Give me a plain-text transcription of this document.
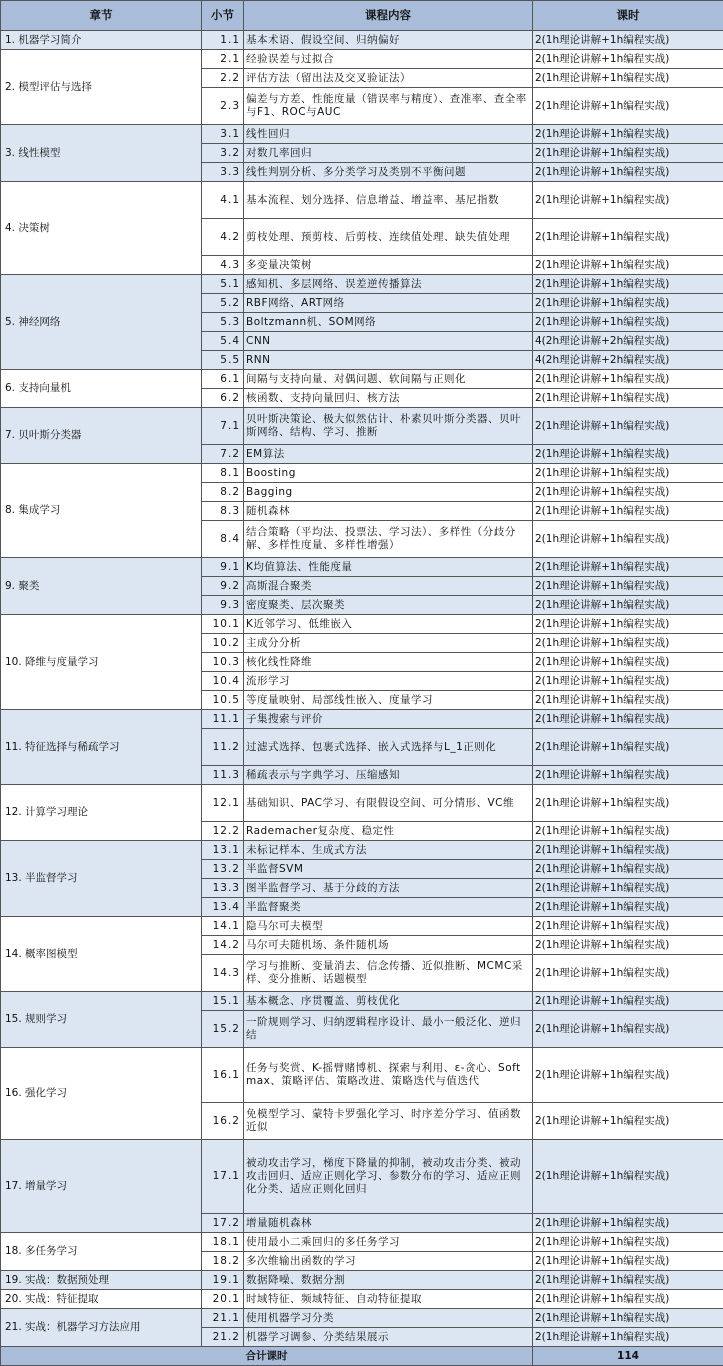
章节	小节	课程内容	课时
1. 机器学习简介	1.1	基本术语、假设空间、归纳偏好	2(1h理论讲解+1h编程实战)
2. 模型评估与选择	2.1	经验误差与过拟合	2(1h理论讲解+1h编程实战)
	2.2	评估方法（留出法及交叉验证法）	2(1h理论讲解+1h编程实战)
	2.3	偏差与方差、性能度量（错误率与精度）、查准率、查全率与F1、ROC与AUC	2(1h理论讲解+1h编程实战)
3. 线性模型	3.1	线性回归	2(1h理论讲解+1h编程实战)
	3.2	对数几率回归	2(1h理论讲解+1h编程实战)
	3.3	线性判别分析、多分类学习及类别不平衡问题	2(1h理论讲解+1h编程实战)
4. 决策树	4.1	基本流程、划分选择、信息增益、增益率、基尼指数	2(1h理论讲解+1h编程实战)
	4.2	剪枝处理、预剪枝、后剪枝、连续值处理、缺失值处理	2(1h理论讲解+1h编程实战)
	4.3	多变量决策树	2(1h理论讲解+1h编程实战)
5. 神经网络	5.1	感知机、多层网络、误差逆传播算法	2(1h理论讲解+1h编程实战)
	5.2	RBF网络、ART网络	2(1h理论讲解+1h编程实战)
	5.3	Boltzmann机、SOM网络	2(1h理论讲解+1h编程实战)
	5.4	CNN	4(2h理论讲解+2h编程实战)
	5.5	RNN	4(2h理论讲解+2h编程实战)
6. 支持向量机	6.1	间隔与支持向量、对偶问题、软间隔与正则化	2(1h理论讲解+1h编程实战)
	6.2	核函数、支持向量回归、核方法	2(1h理论讲解+1h编程实战)
7. 贝叶斯分类器	7.1	贝叶斯决策论、极大似然估计、朴素贝叶斯分类器、贝叶斯网络、结构、学习、推断	2(1h理论讲解+1h编程实战)
	7.2	EM算法	2(1h理论讲解+1h编程实战)
8. 集成学习	8.1	Boosting	2(1h理论讲解+1h编程实战)
	8.2	Bagging	2(1h理论讲解+1h编程实战)
	8.3	随机森林	2(1h理论讲解+1h编程实战)
	8.4	结合策略（平均法、投票法、学习法）、多样性（分歧分解、多样性度量、多样性增强）	2(1h理论讲解+1h编程实战)
9. 聚类	9.1	K均值算法、性能度量	2(1h理论讲解+1h编程实战)
	9.2	高斯混合聚类	2(1h理论讲解+1h编程实战)
	9.3	密度聚类、层次聚类	2(1h理论讲解+1h编程实战)
10. 降维与度量学习	10.1	K近邻学习、低维嵌入	2(1h理论讲解+1h编程实战)
	10.2	主成分分析	2(1h理论讲解+1h编程实战)
	10.3	核化线性降维	2(1h理论讲解+1h编程实战)
	10.4	流形学习	2(1h理论讲解+1h编程实战)
	10.5	等度量映射、局部线性嵌入、度量学习	2(1h理论讲解+1h编程实战)
11. 特征选择与稀疏学习	11.1	子集搜索与评价	2(1h理论讲解+1h编程实战)
	11.2	过滤式选择、包裹式选择、嵌入式选择与L_1正则化	2(1h理论讲解+1h编程实战)
	11.3	稀疏表示与字典学习、压缩感知	2(1h理论讲解+1h编程实战)
12. 计算学习理论	12.1	基础知识、PAC学习、有限假设空间、可分情形、VC维	2(1h理论讲解+1h编程实战)
	12.2	Rademacher复杂度、稳定性	2(1h理论讲解+1h编程实战)
13. 半监督学习	13.1	未标记样本、生成式方法	2(1h理论讲解+1h编程实战)
	13.2	半监督SVM	2(1h理论讲解+1h编程实战)
	13.3	图半监督学习、基于分歧的方法	2(1h理论讲解+1h编程实战)
	13.4	半监督聚类	2(1h理论讲解+1h编程实战)
14. 概率图模型	14.1	隐马尔可夫模型	2(1h理论讲解+1h编程实战)
	14.2	马尔可夫随机场、条件随机场	2(1h理论讲解+1h编程实战)
	14.3	学习与推断、变量消去、信念传播、近似推断、MCMC采样、变分推断、话题模型	2(1h理论讲解+1h编程实战)
15. 规则学习	15.1	基本概念、序贯覆盖、剪枝优化	2(1h理论讲解+1h编程实战)
	15.2	一阶规则学习、归纳逻辑程序设计、最小一般泛化、逆归结	2(1h理论讲解+1h编程实战)
16. 强化学习	16.1	任务与奖赏、K-摇臂赌博机、探索与利用、ε-贪心、Softmax、策略评估、策略改进、策略迭代与值迭代	2(1h理论讲解+1h编程实战)
	16.2	免模型学习、蒙特卡罗强化学习、时序差分学习、值函数近似	2(1h理论讲解+1h编程实战)
17. 增量学习	17.1	被动攻击学习，梯度下降量的抑制，被动攻击分类、被动攻击回归、适应正则化学习、参数分布的学习、适应正则化分类、适应正则化回归	2(1h理论讲解+1h编程实战)
	17.2	增量随机森林	2(1h理论讲解+1h编程实战)
18. 多任务学习	18.1	使用最小二乘回归的多任务学习	2(1h理论讲解+1h编程实战)
	18.2	多次维输出函数的学习	2(1h理论讲解+1h编程实战)
19. 实战：数据预处理	19.1	数据降噪、数据分割	2(1h理论讲解+1h编程实战)
20. 实战：特征提取	20.1	时域特征、频域特征、自动特征提取	2(1h理论讲解+1h编程实战)
21. 实战：机器学习方法应用	21.1	使用机器学习分类	2(1h理论讲解+1h编程实战)
	21.2	机器学习调参、分类结果展示	2(1h理论讲解+1h编程实战)
合计课时			114
